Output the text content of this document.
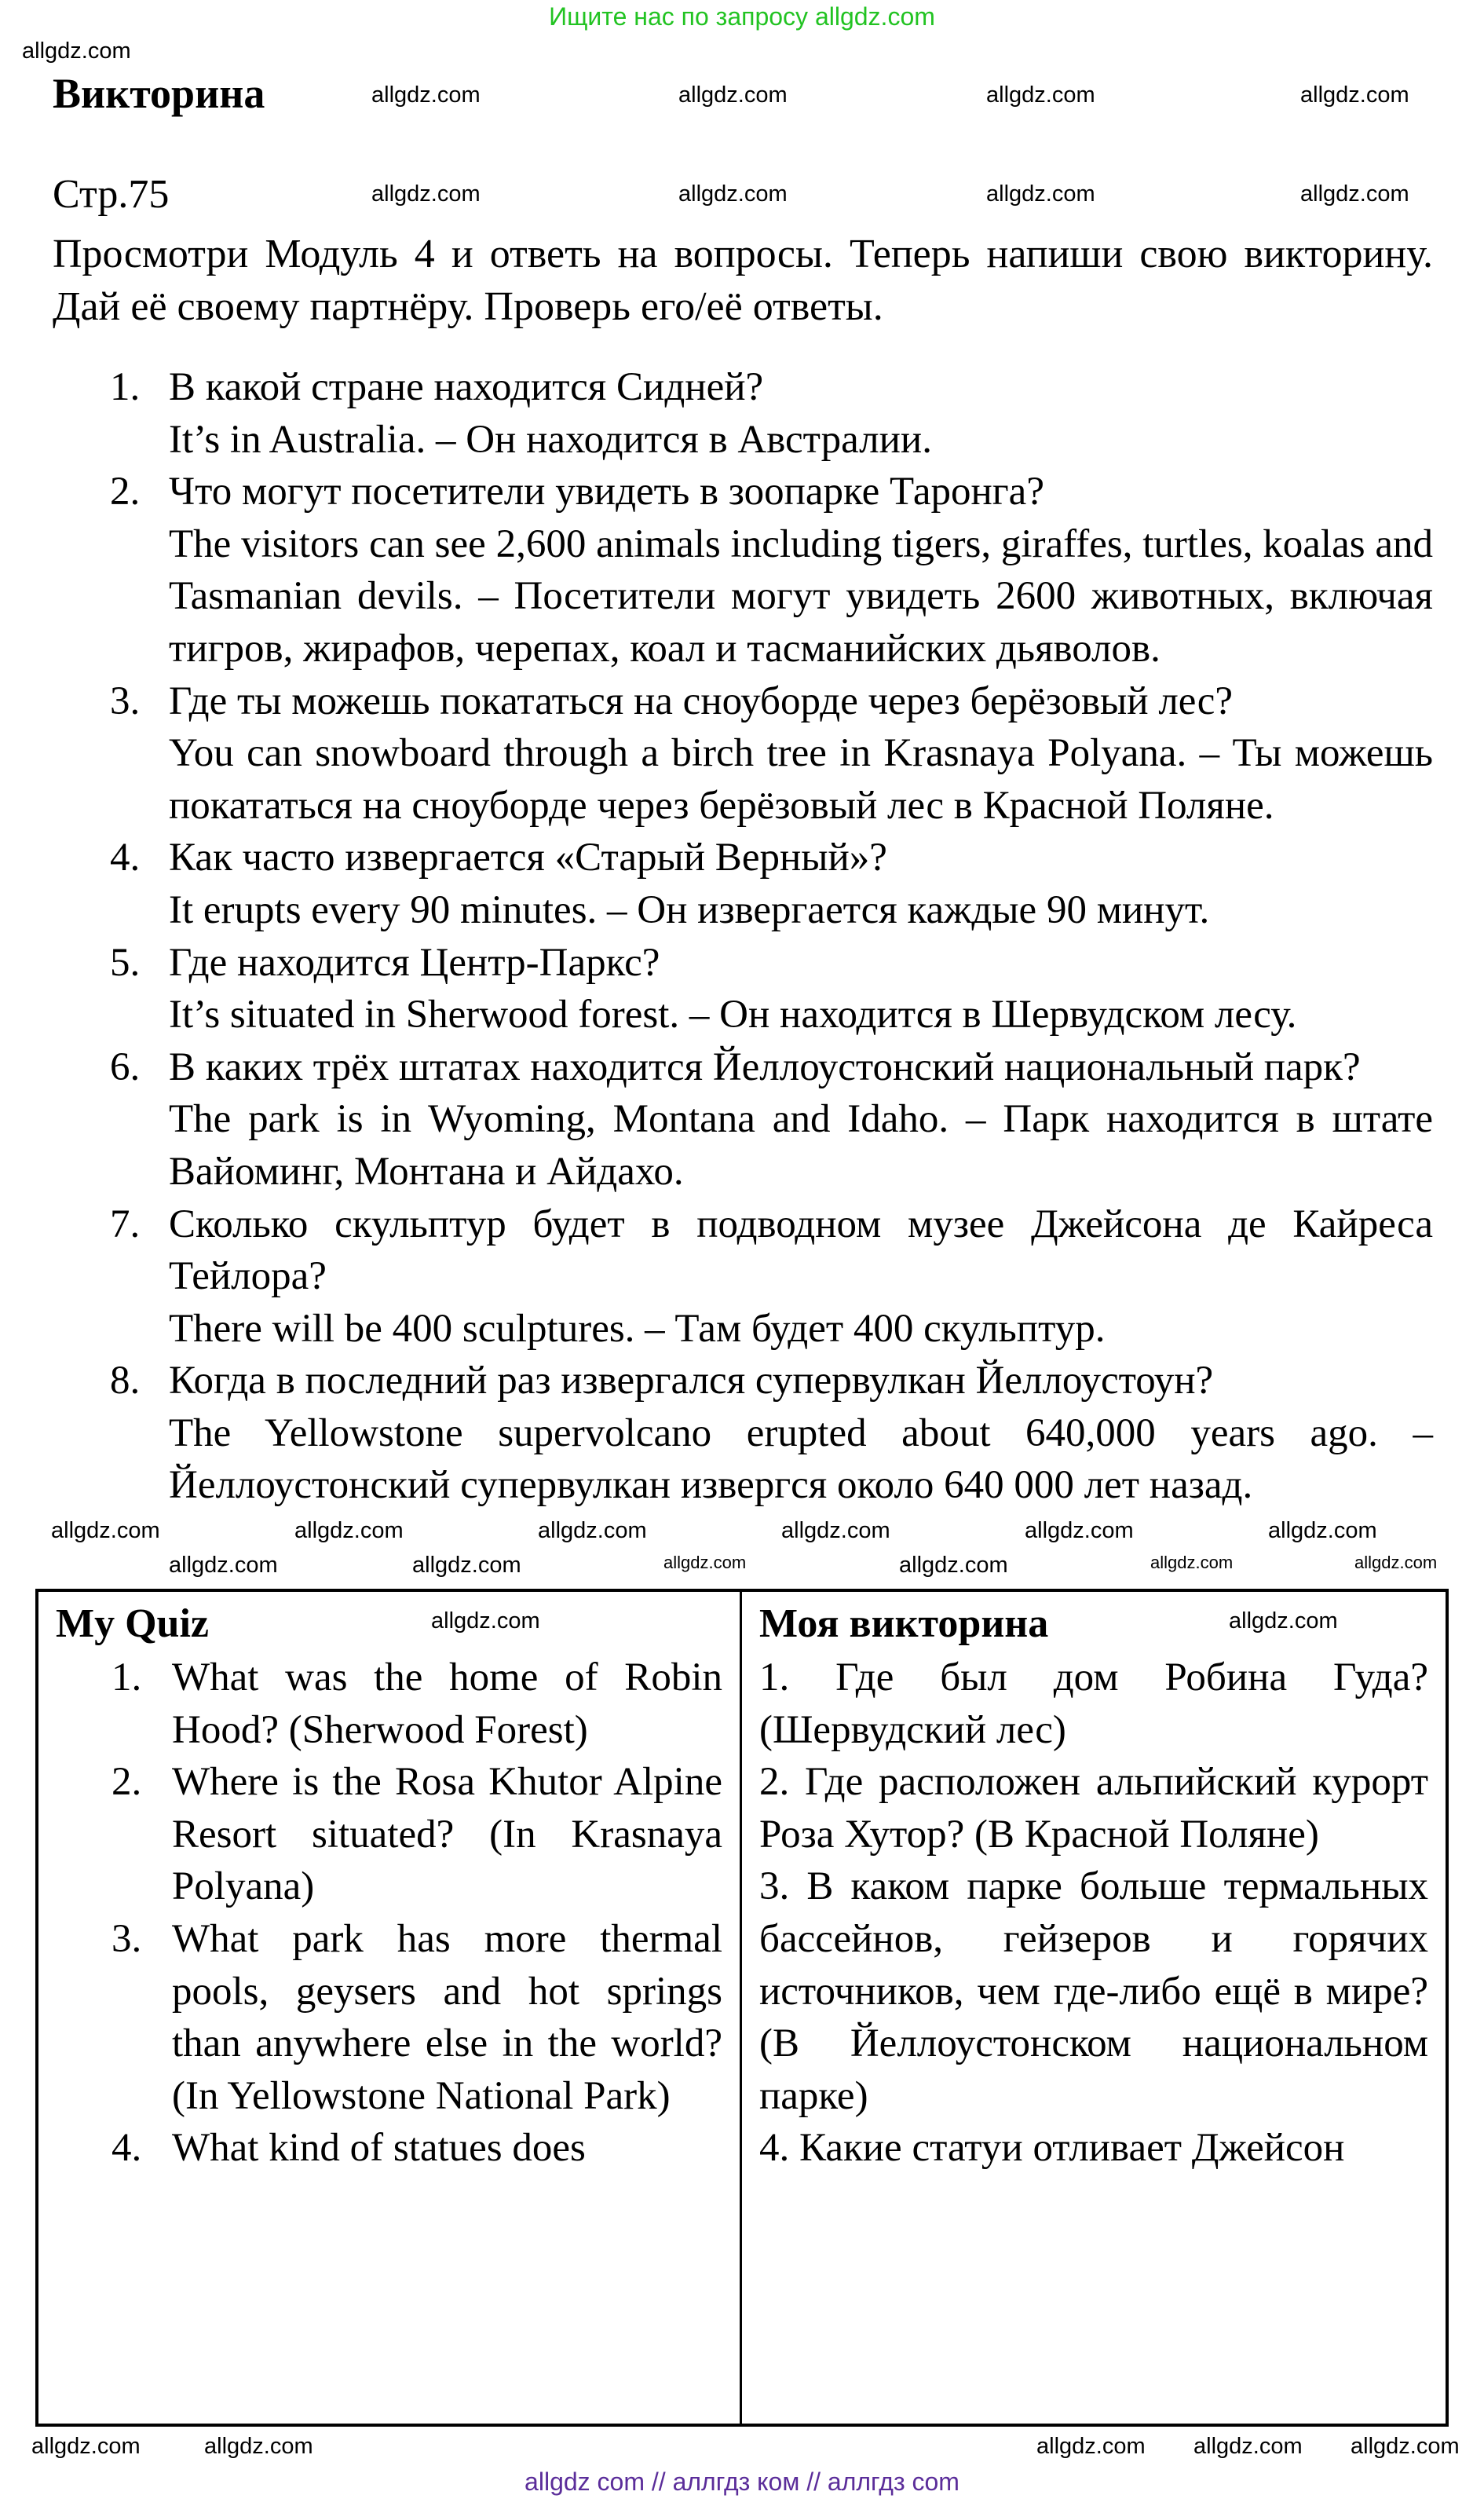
Ищите нас по запросу allgdz.com
Викторина
Стр.75
Просмотри Модуль 4 и ответь на вопросы. Теперь напиши свою викторину. Дай её своему партнёру. Проверь его/её ответы.
allgdz.com
allgdz.com	allgdz.com	allgdz.com	allgdz.com
allgdz.com	allgdz.com	allgdz.com	allgdz.com
1. В какой стране находится Сидней?
It’s in Australia. – Он находится в Австралии.
2. Что могут посетители увидеть в зоопарке Таронга?
The visitors can see 2,600 animals including tigers, giraffes, turtles, koalas and Tasmanian devils. – Посетители могут увидеть 2600 животных, включая тигров, жирафов, черепах, коал и тасманийских дьяволов.
3. Где ты можешь покататься на сноуборде через берёзовый лес?
You can snowboard through a birch tree in Krasnaya Polyana. – Ты можешь покататься на сноуборде через берёзовый лес в Красной Поляне.
4. Как часто извергается «Старый Верный»?
It erupts every 90 minutes. – Он извергается каждые 90 минут.
5. Где находится Центр-Паркс?
It’s situated in Sherwood forest. – Он находится в Шервудском лесу.
6. В каких трёх штатах находится Йеллоустонский национальный парк?
The park is in Wyoming, Montana and Idaho. – Парк находится в штате Вайоминг, Монтана и Айдахо.
7. Сколько скульптур будет в подводном музее Джейсона де Кайреса Тейлора?
There will be 400 sculptures. – Там будет 400 скульптур.
8. Когда в последний раз извергался супервулкан Йеллоустоун?
The Yellowstone supervolcano erupted about 640,000 years ago. – Йеллоустонский супервулкан извергся около 640 000 лет назад.
allgdz.com	allgdz.com	allgdz.com	allgdz.com	allgdz.com	allgdz.com
allgdz.com	allgdz.com	allgdz.com	allgdz.com	allgdz.com	allgdz.com
My Quiz	allgdz.com
1. What was the home of Robin Hood? (Sherwood Forest)
2. Where is the Rosa Khutor Alpine Resort situated? (In Krasnaya Polyana)
3. What park has more thermal pools, geysers and hot springs than anywhere else in the world? (In Yellowstone National Park)
4. What kind of statues does
Моя викторина	allgdz.com
1. Где был дом Робина Гуда? (Шервудский лес)
2. Где расположен альпийский курорт Роза Хутор? (В Красной Поляне)
3. В каком парке больше термальных бассейнов, гейзеров и горячих источников, чем где-либо ещё в мире? (В Йеллоустонском национальном парке)
4. Какие статуи отливает Джейсон
allgdz.com	allgdz.com	allgdz.com allgdz.com allgdz.com
allgdz com // аллгдз ком // аллгдз com
